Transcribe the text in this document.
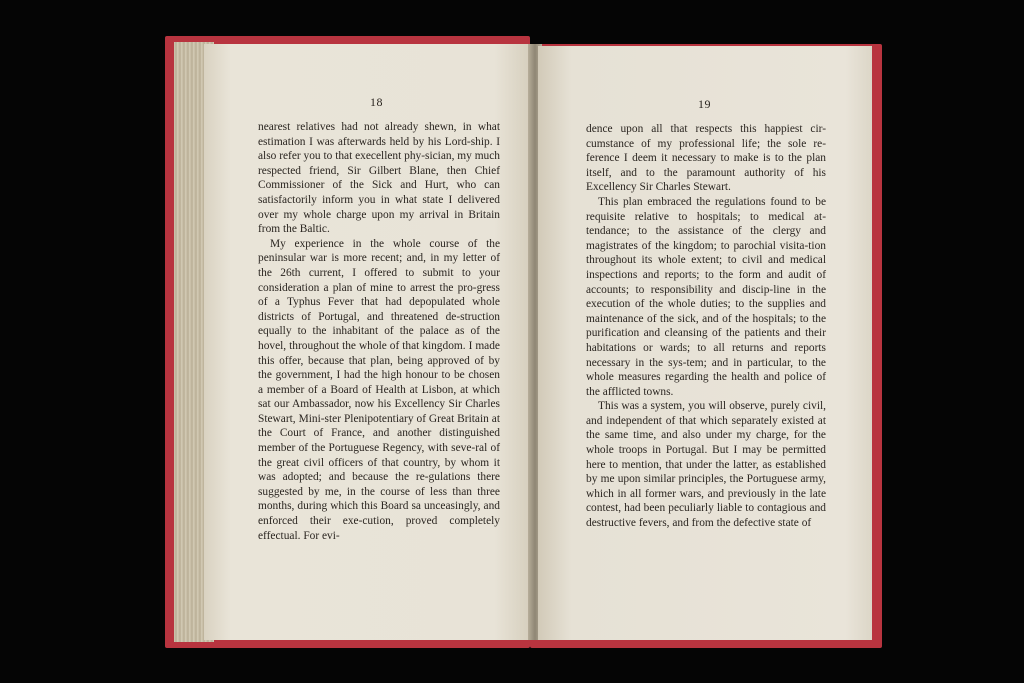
18

nearest relatives had not already shewn, in what estimation I was afterwards held by his Lord-ship. I also refer you to that execellent phy-sician, my much respected friend, Sir Gilbert Blane, then Chief Commissioner of the Sick and Hurt, who can satisfactorily inform you in what state I delivered over my whole charge upon my arrival in Britain from the Baltic.

My experience in the whole course of the peninsular war is more recent; and, in my letter of the 26th current, I offered to submit to your consideration a plan of mine to arrest the pro-gress of a Typhus Fever that had depopulated whole districts of Portugal, and threatened de-struction equally to the inhabitant of the palace as of the hovel, throughout the whole of that kingdom. I made this offer, because that plan, being approved of by the government, I had the high honour to be chosen a member of a Board of Health at Lisbon, at which sat our Ambassador, now his Excellency Sir Charles Stewart, Mini-ster Plenipotentiary of Great Britain at the Court of France, and another distinguished member of the Portuguese Regency, with seve-ral of the great civil officers of that country, by whom it was adopted; and because the re-gulations there suggested by me, in the course of less than three months, during which this Board sa unceasingly, and enforced their exe-cution, proved completely effectual. For evi-

19

dence upon all that respects this happiest cir-cumstance of my professional life; the sole re-ference I deem it necessary to make is to the plan itself, and to the paramount authority of his Excellency Sir Charles Stewart.

This plan embraced the regulations found to be requisite relative to hospitals; to medical at-tendance; to the assistance of the clergy and magistrates of the kingdom; to parochial visita-tion throughout its whole extent; to civil and medical inspections and reports; to the form and audit of accounts; to responsibility and discip-line in the execution of the whole duties; to the supplies and maintenance of the sick, and of the hospitals; to the purification and cleansing of the patients and their habitations or wards; to all returns and reports necessary in the sys-tem; and in particular, to the whole measures regarding the health and police of the afflicted towns.

This was a system, you will observe, purely civil, and independent of that which separately existed at the same time, and also under my charge, for the whole troops in Portugal. But I may be permitted here to mention, that under the latter, as established by me upon similar principles, the Portuguese army, which in all former wars, and previously in the late contest, had been peculiarly liable to contagious and destructive fevers, and from the defective state of
